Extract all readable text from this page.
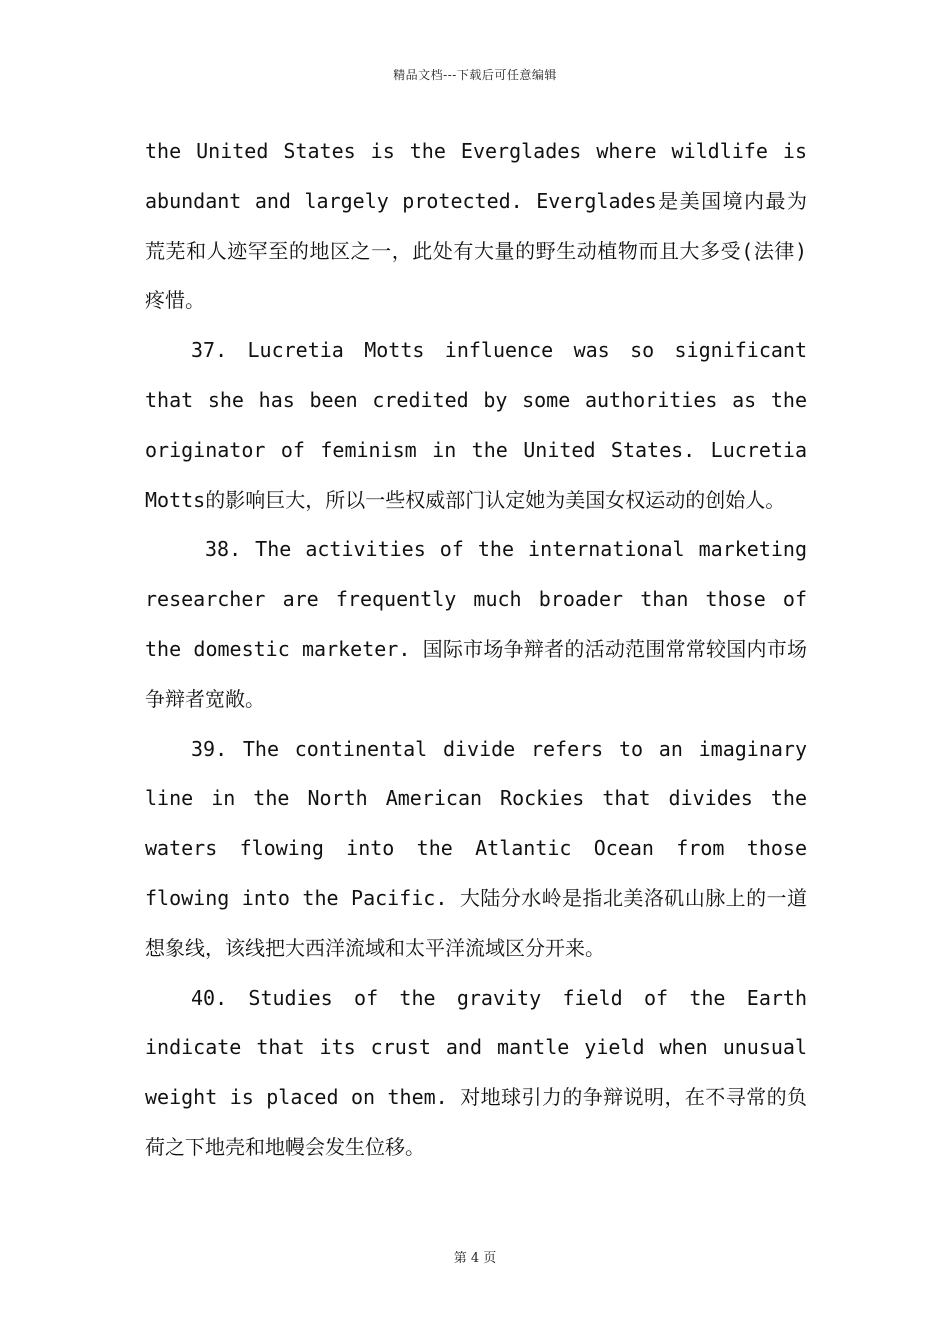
精品文档---下载后可任意编辑

the United States is the Everglades where wildlife is abundant and largely protected. Everglades是美国境内最为荒芜和人迹罕至的地区之一，此处有大量的野生动植物而且大多受(法律)疼惜。

37. Lucretia Motts influence was so significant that she has been credited by some authorities as the originator of feminism in the United States. Lucretia Motts的影响巨大，所以一些权威部门认定她为美国女权运动的创始人。

38. The activities of the international marketing researcher are frequently much broader than those of the domestic marketer. 国际市场争辩者的活动范围常常较国内市场争辩者宽敞。

39. The continental divide refers to an imaginary line in the North American Rockies that divides the waters flowing into the Atlantic Ocean from those flowing into the Pacific. 大陆分水岭是指北美洛矶山脉上的一道想象线，该线把大西洋流域和太平洋流域区分开来。

40. Studies of the gravity field of the Earth indicate that its crust and mantle yield when unusual weight is placed on them. 对地球引力的争辩说明，在不寻常的负荷之下地壳和地幔会发生位移。

第 4 页
